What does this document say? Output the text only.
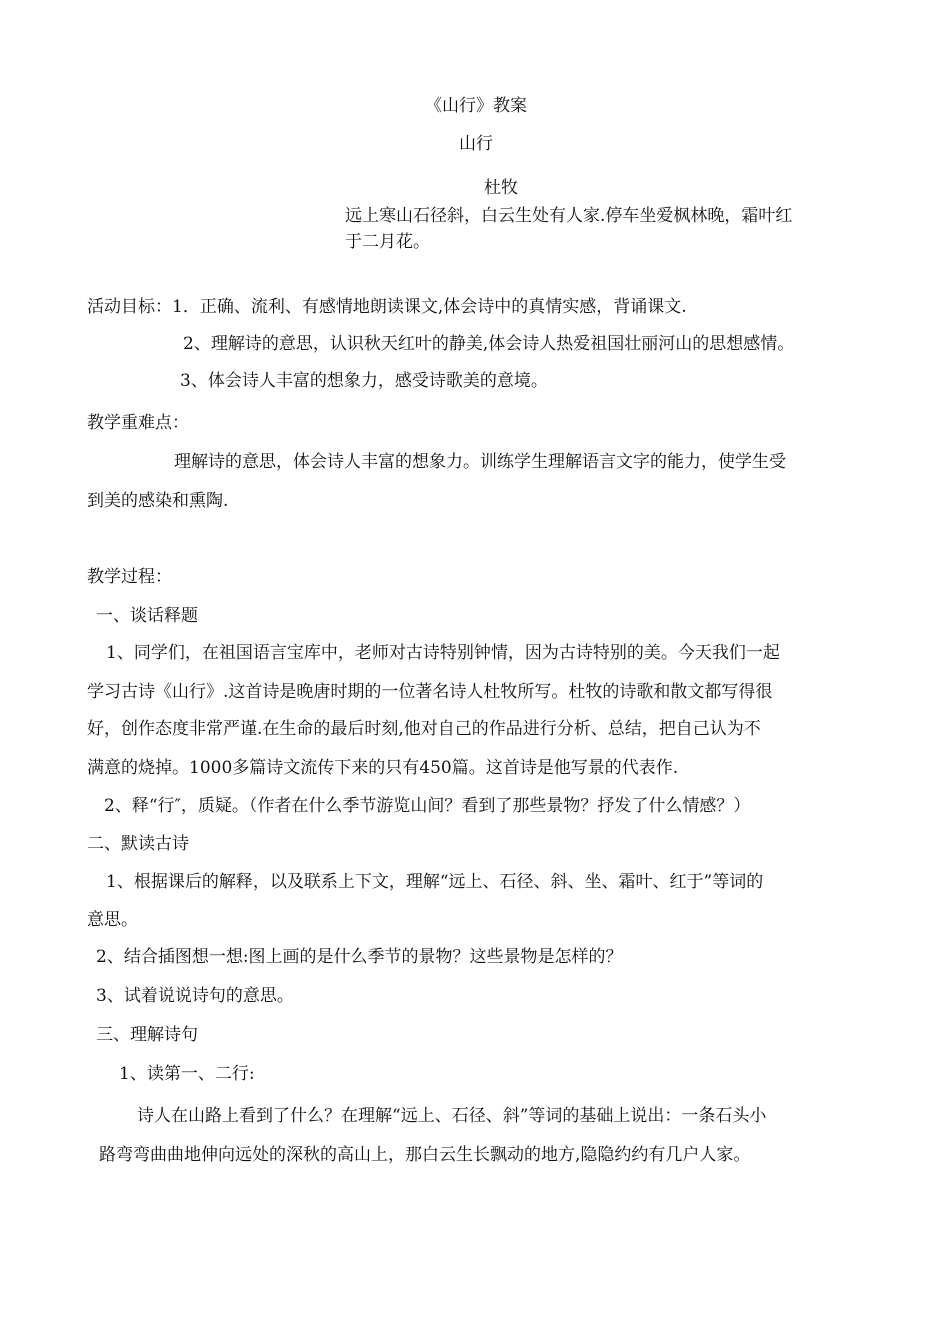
《山行》教案
山行
杜牧
远上寒山石径斜，白云生处有人家.停车坐爱枫林晚，霜叶红
于二月花。
活动目标： 1．正确、流利、有感情地朗读课文,体会诗中的真情实感，背诵课文.
2、理解诗的意思，认识秋天红叶的静美,体会诗人热爱祖国壮丽河山的思想感情。
3、体会诗人丰富的想象力，感受诗歌美的意境。
教学重难点：
理解诗的意思，体会诗人丰富的想象力。训练学生理解语言文字的能力，使学生受
到美的感染和熏陶.
教学过程：
一、谈话释题
1、同学们，在祖国语言宝库中，老师对古诗特别钟情，因为古诗特别的美。今天我们一起
学习古诗《山行》.这首诗是晚唐时期的一位著名诗人杜牧所写。杜牧的诗歌和散文都写得很
好，创作态度非常严谨.在生命的最后时刻,他对自己的作品进行分析、总结，把自己认为不
满意的烧掉。1000多篇诗文流传下来的只有450篇。这首诗是他写景的代表作.
2、释“行″，质疑。（作者在什么季节游览山间？看到了那些景物？抒发了什么情感？）
二、默读古诗
1、根据课后的解释，以及联系上下文，理解“远上、石径、斜、坐、霜叶、红于”等词的
意思。
2、结合插图想一想:图上画的是什么季节的景物？这些景物是怎样的？
3、试着说说诗句的意思。
三、理解诗句
1、读第一、二行:
诗人在山路上看到了什么？在理解“远上、石径、斜”等词的基础上说出：一条石头小
路弯弯曲曲地伸向远处的深秋的高山上，那白云生长飘动的地方,隐隐约约有几户人家。
